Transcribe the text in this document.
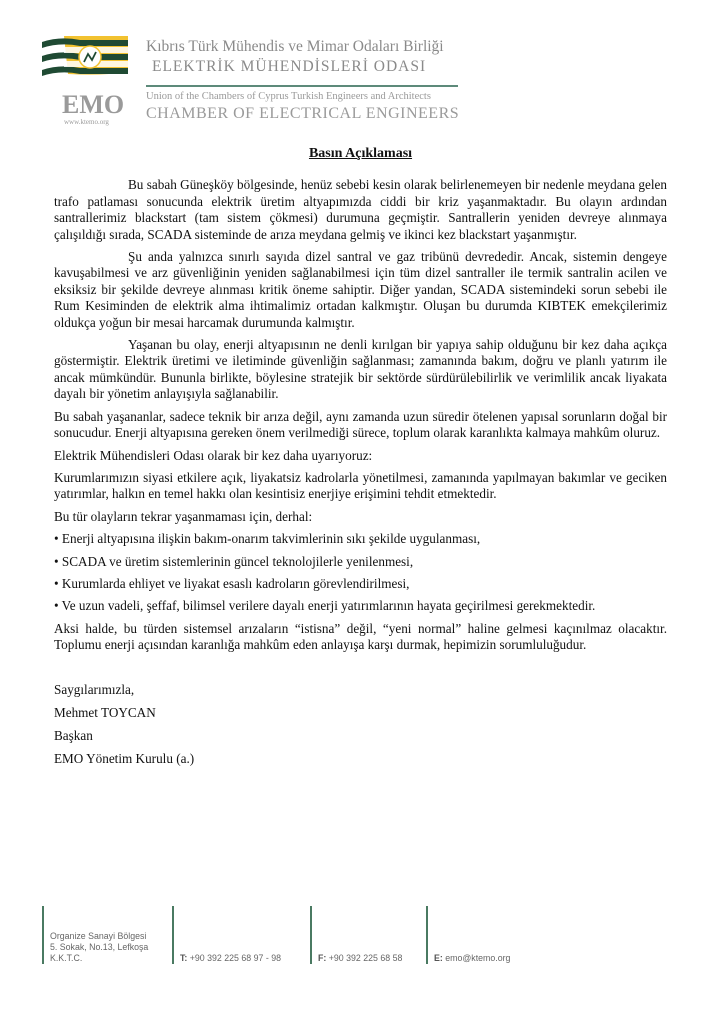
EMO
www.ktemo.org
Kıbrıs Türk Mühendis ve Mimar Odaları Birliği
ELEKTRİK MÜHENDİSLERİ ODASI
Union of the Chambers of Cyprus Turkish Engineers and Architects
CHAMBER OF ELECTRICAL ENGINEERS
Basın Açıklaması

Bu sabah Güneşköy bölgesinde, henüz sebebi kesin olarak belirlenemeyen bir nedenle meydana gelen trafo patlaması sonucunda elektrik üretim altyapımızda ciddi bir kriz yaşanmaktadır. Bu olayın ardından santrallerimiz blackstart (tam sistem çökmesi) durumuna geçmiştir. Santrallerin yeniden devreye alınmaya çalışıldığı sırada, SCADA sisteminde de arıza meydana gelmiş ve ikinci kez blackstart yaşanmıştır.

Şu anda yalnızca sınırlı sayıda dizel santral ve gaz tribünü devrededir. Ancak, sistemin dengeye kavuşabilmesi ve arz güvenliğinin yeniden sağlanabilmesi için tüm dizel santraller ile termik santralin acilen ve eksiksiz bir şekilde devreye alınması kritik öneme sahiptir. Diğer yandan, SCADA sistemindeki sorun sebebi ile Rum Kesiminden de elektrik alma ihtimalimiz ortadan kalkmıştır. Oluşan bu durumda KIBTEK emekçilerimiz oldukça yoğun bir mesai harcamak durumunda kalmıştır.

Yaşanan bu olay, enerji altyapısının ne denli kırılgan bir yapıya sahip olduğunu bir kez daha açıkça göstermiştir. Elektrik üretimi ve iletiminde güvenliğin sağlanması; zamanında bakım, doğru ve planlı yatırım ile ancak mümkündür. Bununla birlikte, böylesine stratejik bir sektörde sürdürülebilirlik ve verimlilik ancak liyakata dayalı bir yönetim anlayışıyla sağlanabilir.

Bu sabah yaşananlar, sadece teknik bir arıza değil, aynı zamanda uzun süredir ötelenen yapısal sorunların doğal bir sonucudur. Enerji altyapısına gereken önem verilmediği sürece, toplum olarak karanlıkta kalmaya mahkûm oluruz.

Elektrik Mühendisleri Odası olarak bir kez daha uyarıyoruz:

Kurumlarımızın siyasi etkilere açık, liyakatsiz kadrolarla yönetilmesi, zamanında yapılmayan bakımlar ve geciken yatırımlar, halkın en temel hakkı olan kesintisiz enerjiye erişimini tehdit etmektedir.

Bu tür olayların tekrar yaşanmaması için, derhal:

• Enerji altyapısına ilişkin bakım-onarım takvimlerinin sıkı şekilde uygulanması,
• SCADA ve üretim sistemlerinin güncel teknolojilerle yenilenmesi,
• Kurumlarda ehliyet ve liyakat esaslı kadroların görevlendirilmesi,
• Ve uzun vadeli, şeffaf, bilimsel verilere dayalı enerji yatırımlarının hayata geçirilmesi gerekmektedir.

Aksi halde, bu türden sistemsel arızaların “istisna” değil, “yeni normal” haline gelmesi kaçınılmaz olacaktır. Toplumu enerji açısından karanlığa mahkûm eden anlayışa karşı durmak, hepimizin sorumluluğudur.

Saygılarımızla,
Mehmet TOYCAN
Başkan
EMO Yönetim Kurulu (a.)
Organize Sanayi Bölgesi
5. Sokak, No.13, Lefkoşa
K.K.T.C.	T: +90 392 225 68 97 - 98	F: +90 392 225 68 58	E: emo@ktemo.org
